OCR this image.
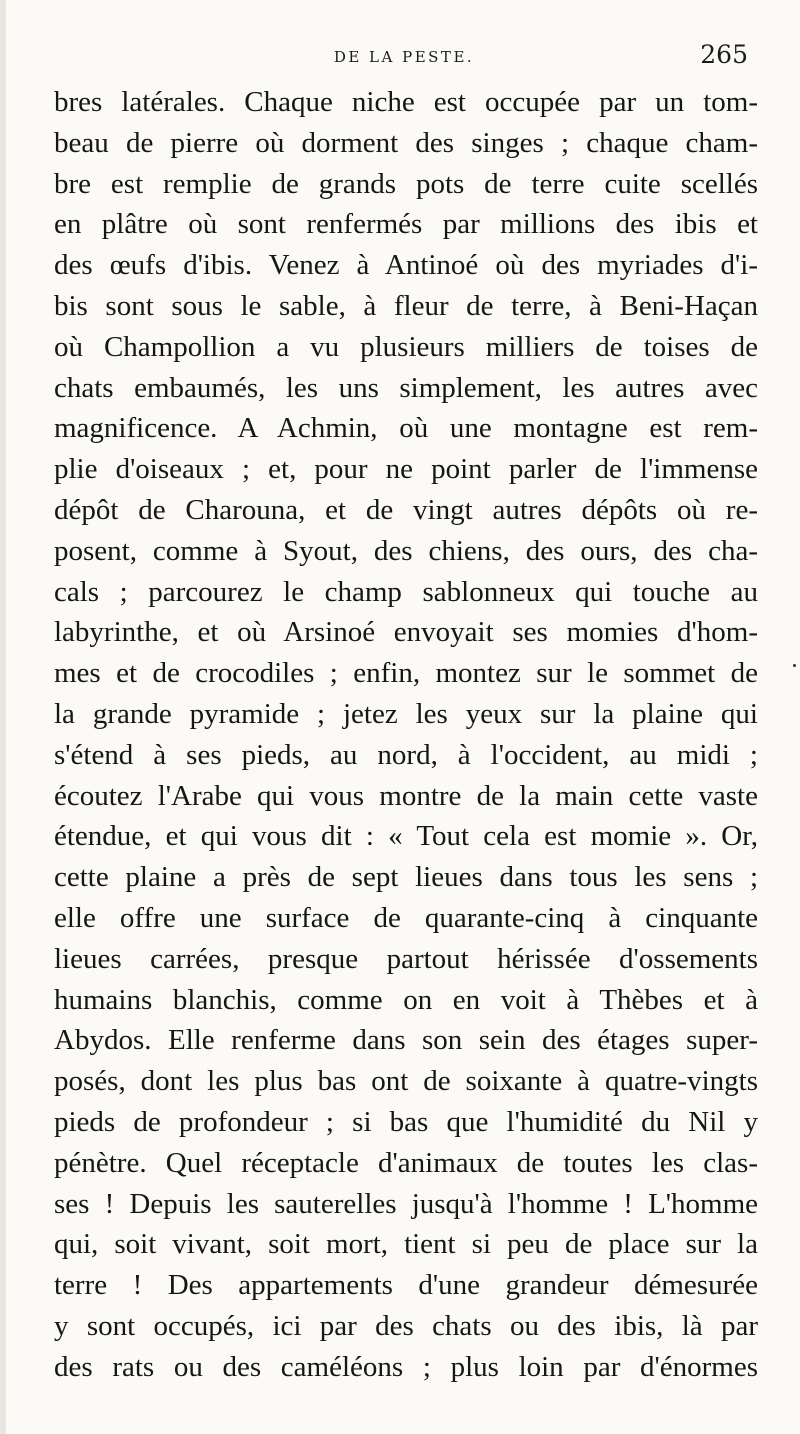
DE LA PESTE.	265
bres latérales. Chaque niche est occupée par un tom-
beau de pierre où dorment des singes ; chaque cham-
bre est remplie de grands pots de terre cuite scellés
en plâtre où sont renfermés par millions des ibis et
des œufs d'ibis. Venez à Antinoé où des myriades d'i-
bis sont sous le sable, à fleur de terre, à Beni-Haçan
où Champollion a vu plusieurs milliers de toises de
chats embaumés, les uns simplement, les autres avec
magnificence. A Achmin, où une montagne est rem-
plie d'oiseaux ; et, pour ne point parler de l'immense
dépôt de Charouna, et de vingt autres dépôts où re-
posent, comme à Syout, des chiens, des ours, des cha-
cals ; parcourez le champ sablonneux qui touche au
labyrinthe, et où Arsinoé envoyait ses momies d'hom-
mes et de crocodiles ; enfin, montez sur le sommet de
la grande pyramide ; jetez les yeux sur la plaine qui
s'étend à ses pieds, au nord, à l'occident, au midi ;
écoutez l'Arabe qui vous montre de la main cette vaste
étendue, et qui vous dit : « Tout cela est momie ». Or,
cette plaine a près de sept lieues dans tous les sens ;
elle offre une surface de quarante-cinq à cinquante
lieues carrées, presque partout hérissée d'ossements
humains blanchis, comme on en voit à Thèbes et à
Abydos. Elle renferme dans son sein des étages super-
posés, dont les plus bas ont de soixante à quatre-vingts
pieds de profondeur ; si bas que l'humidité du Nil y
pénètre. Quel réceptacle d'animaux de toutes les clas-
ses ! Depuis les sauterelles jusqu'à l'homme ! L'homme
qui, soit vivant, soit mort, tient si peu de place sur la
terre ! Des appartements d'une grandeur démesurée
y sont occupés, ici par des chats ou des ibis, là par
des rats ou des caméléons ; plus loin par d'énormes
